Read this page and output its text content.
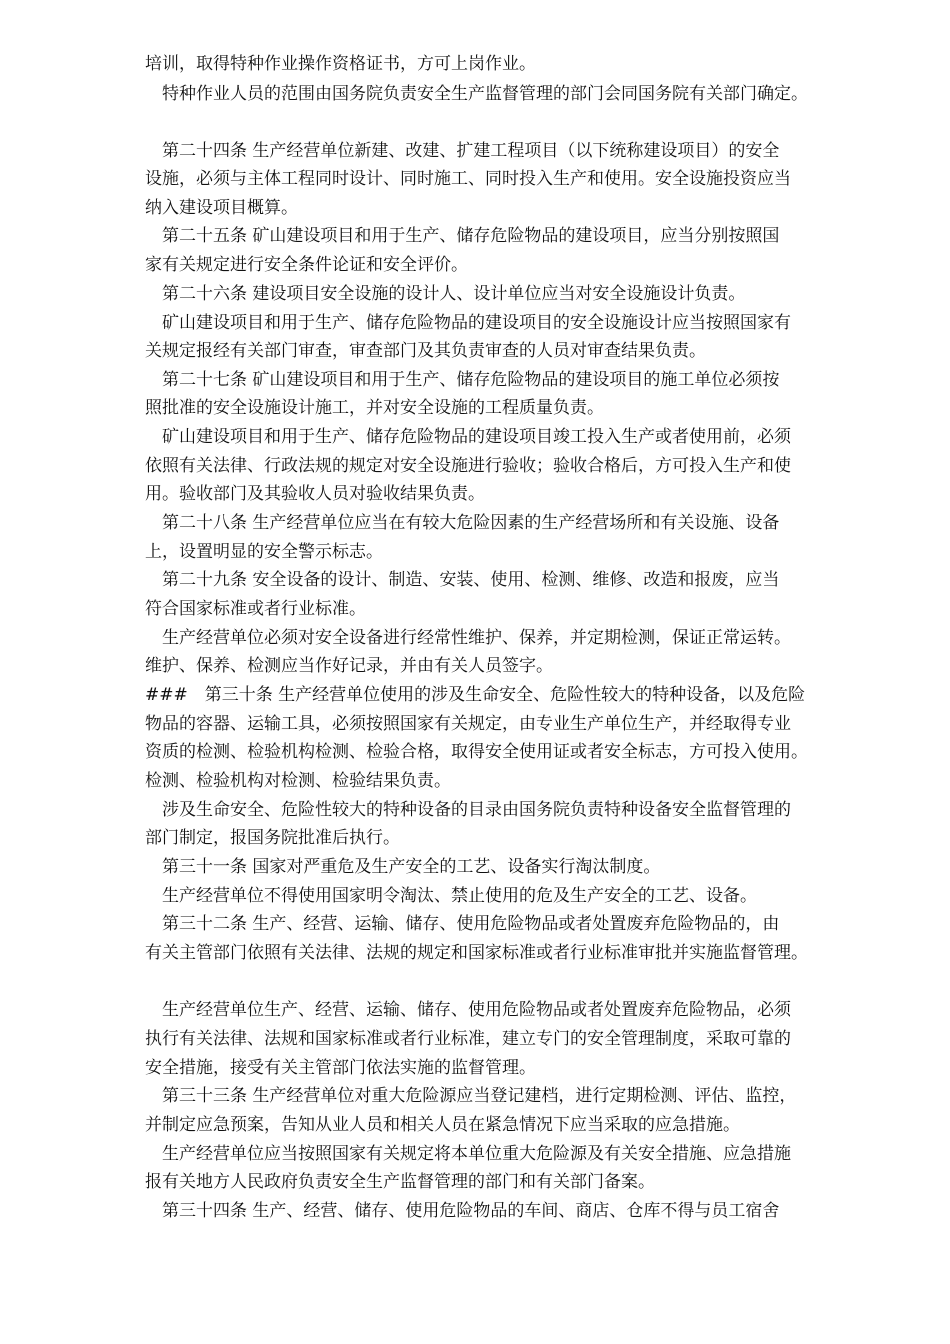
培训，取得特种作业操作资格证书，方可上岗作业。
特种作业人员的范围由国务院负责安全生产监督管理的部门会同国务院有关部门确定。
第二十四条 生产经营单位新建、改建、扩建工程项目（以下统称建设项目）的安全
设施，必须与主体工程同时设计、同时施工、同时投入生产和使用。安全设施投资应当
纳入建设项目概算。
第二十五条 矿山建设项目和用于生产、储存危险物品的建设项目，应当分别按照国
家有关规定进行安全条件论证和安全评价。
第二十六条 建设项目安全设施的设计人、设计单位应当对安全设施设计负责。
矿山建设项目和用于生产、储存危险物品的建设项目的安全设施设计应当按照国家有
关规定报经有关部门审查，审查部门及其负责审查的人员对审查结果负责。
第二十七条 矿山建设项目和用于生产、储存危险物品的建设项目的施工单位必须按
照批准的安全设施设计施工，并对安全设施的工程质量负责。
矿山建设项目和用于生产、储存危险物品的建设项目竣工投入生产或者使用前，必须
依照有关法律、行政法规的规定对安全设施进行验收；验收合格后，方可投入生产和使
用。验收部门及其验收人员对验收结果负责。
第二十八条 生产经营单位应当在有较大危险因素的生产经营场所和有关设施、设备
上，设置明显的安全警示标志。
第二十九条 安全设备的设计、制造、安装、使用、检测、维修、改造和报废，应当
符合国家标准或者行业标准。
生产经营单位必须对安全设备进行经常性维护、保养，并定期检测，保证正常运转。
维护、保养、检测应当作好记录，并由有关人员签字。
###　第三十条 生产经营单位使用的涉及生命安全、危险性较大的特种设备，以及危险
物品的容器、运输工具，必须按照国家有关规定，由专业生产单位生产，并经取得专业
资质的检测、检验机构检测、检验合格，取得安全使用证或者安全标志，方可投入使用。
检测、检验机构对检测、检验结果负责。
涉及生命安全、危险性较大的特种设备的目录由国务院负责特种设备安全监督管理的
部门制定，报国务院批准后执行。
第三十一条 国家对严重危及生产安全的工艺、设备实行淘汰制度。
生产经营单位不得使用国家明令淘汰、禁止使用的危及生产安全的工艺、设备。
第三十二条 生产、经营、运输、储存、使用危险物品或者处置废弃危险物品的，由
有关主管部门依照有关法律、法规的规定和国家标准或者行业标准审批并实施监督管理。
生产经营单位生产、经营、运输、储存、使用危险物品或者处置废弃危险物品，必须
执行有关法律、法规和国家标准或者行业标准，建立专门的安全管理制度，采取可靠的
安全措施，接受有关主管部门依法实施的监督管理。
第三十三条 生产经营单位对重大危险源应当登记建档，进行定期检测、评估、监控，
并制定应急预案，告知从业人员和相关人员在紧急情况下应当采取的应急措施。
生产经营单位应当按照国家有关规定将本单位重大危险源及有关安全措施、应急措施
报有关地方人民政府负责安全生产监督管理的部门和有关部门备案。
第三十四条 生产、经营、储存、使用危险物品的车间、商店、仓库不得与员工宿舍
